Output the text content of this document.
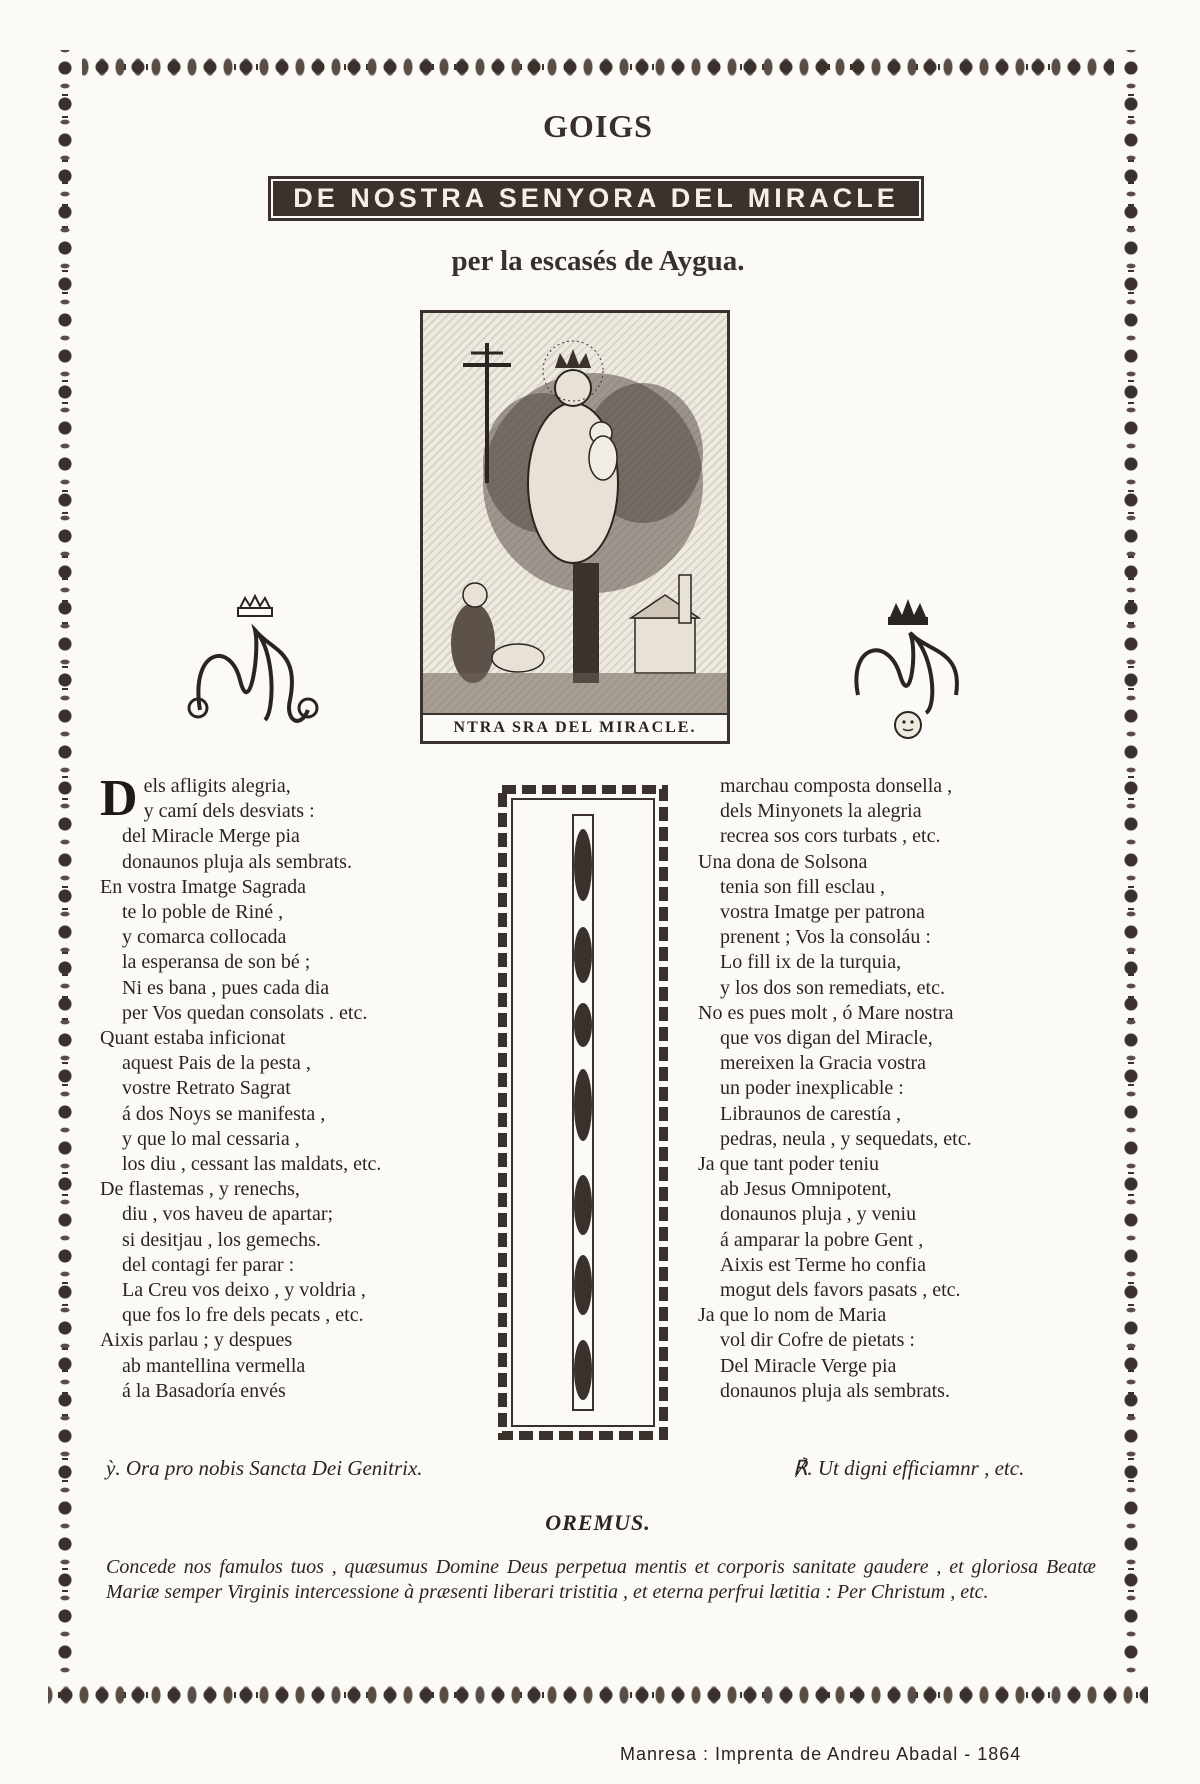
GOIGS
DE NOSTRA SENYORA DEL MIRACLE
per la escasés de Aygua.
NTRA SRA DEL MIRACLE.
D els afligits alegria,
y camí dels desviats :
del Miracle Merge pia
donaunos pluja als sembrats.
En vostra Imatge Sagrada
te lo poble de Riné ,
y comarca collocada
la esperansa de son bé ;
Ni es bana , pues cada dia
per Vos quedan consolats . etc.
Quant estaba inficionat
aquest Pais de la pesta ,
vostre Retrato Sagrat
á dos Noys se manifesta ,
y que lo mal cessaria ,
los diu , cessant las maldats, etc.
De flastemas , y renechs,
diu , vos haveu de apartar;
si desitjau , los gemechs.
del contagi fer parar :
La Creu vos deixo , y voldria ,
que fos lo fre dels pecats , etc.
Aixis parlau ; y despues
ab mantellina vermella
á la Basadoría envés
marchau composta donsella ,
dels Minyonets la alegria
recrea sos cors turbats , etc.
Una dona de Solsona
tenia son fill esclau ,
vostra Imatge per patrona
prenent ; Vos la consoláu :
Lo fill ix de la turquia,
y los dos son remediats, etc.
No es pues molt , ó Mare nostra
que vos digan del Miracle,
mereixen la Gracia vostra
un poder inexplicable :
Libraunos de carestía ,
pedras, neula , y sequedats, etc.
Ja que tant poder teniu
ab Jesus Omnipotent,
donaunos pluja , y veniu
á amparar la pobre Gent ,
Aixis est Terme ho confia
mogut dels favors pasats , etc.
Ja que lo nom de Maria
vol dir Cofre de pietats :
Del Miracle Verge pia
donaunos pluja als sembrats.
ỳ. Ora pro nobis Sancta Dei Genitrix.	℟. Ut digni efficiamnr , etc.
OREMUS.
Concede nos famulos tuos , quæsumus Domine Deus perpetua mentis et corporis sanitate gaudere , et gloriosa Beatæ Mariæ semper Virginis intercessione à præsenti liberari tristitia , et eterna perfrui lætitia : Per Christum , etc.
Manresa : Imprenta de Andreu Abadal - 1864
